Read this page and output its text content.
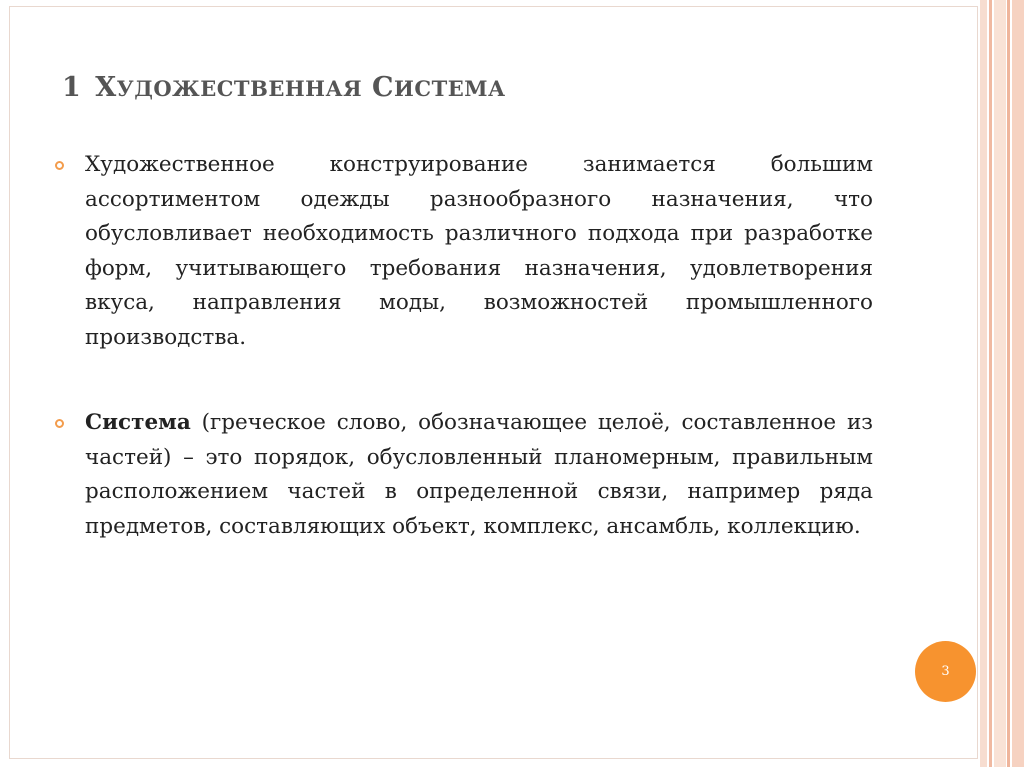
1 ХУДОЖЕСТВЕННАЯ СИСТЕМА
Художественное конструирование занимается большим ассортиментом одежды разнообразного назначения, что обусловливает необходимость различного подхода при разработке форм, учитывающего требования назначения, удовлетворения вкуса, направления моды, возможностей промышленного производства.
Система (греческое слово, обозначающее целоё, составленное из частей) – это порядок, обусловленный планомерным, правильным расположением частей в определенной связи, например ряда предметов, составляющих объект, комплекс, ансамбль, коллекцию.
3
